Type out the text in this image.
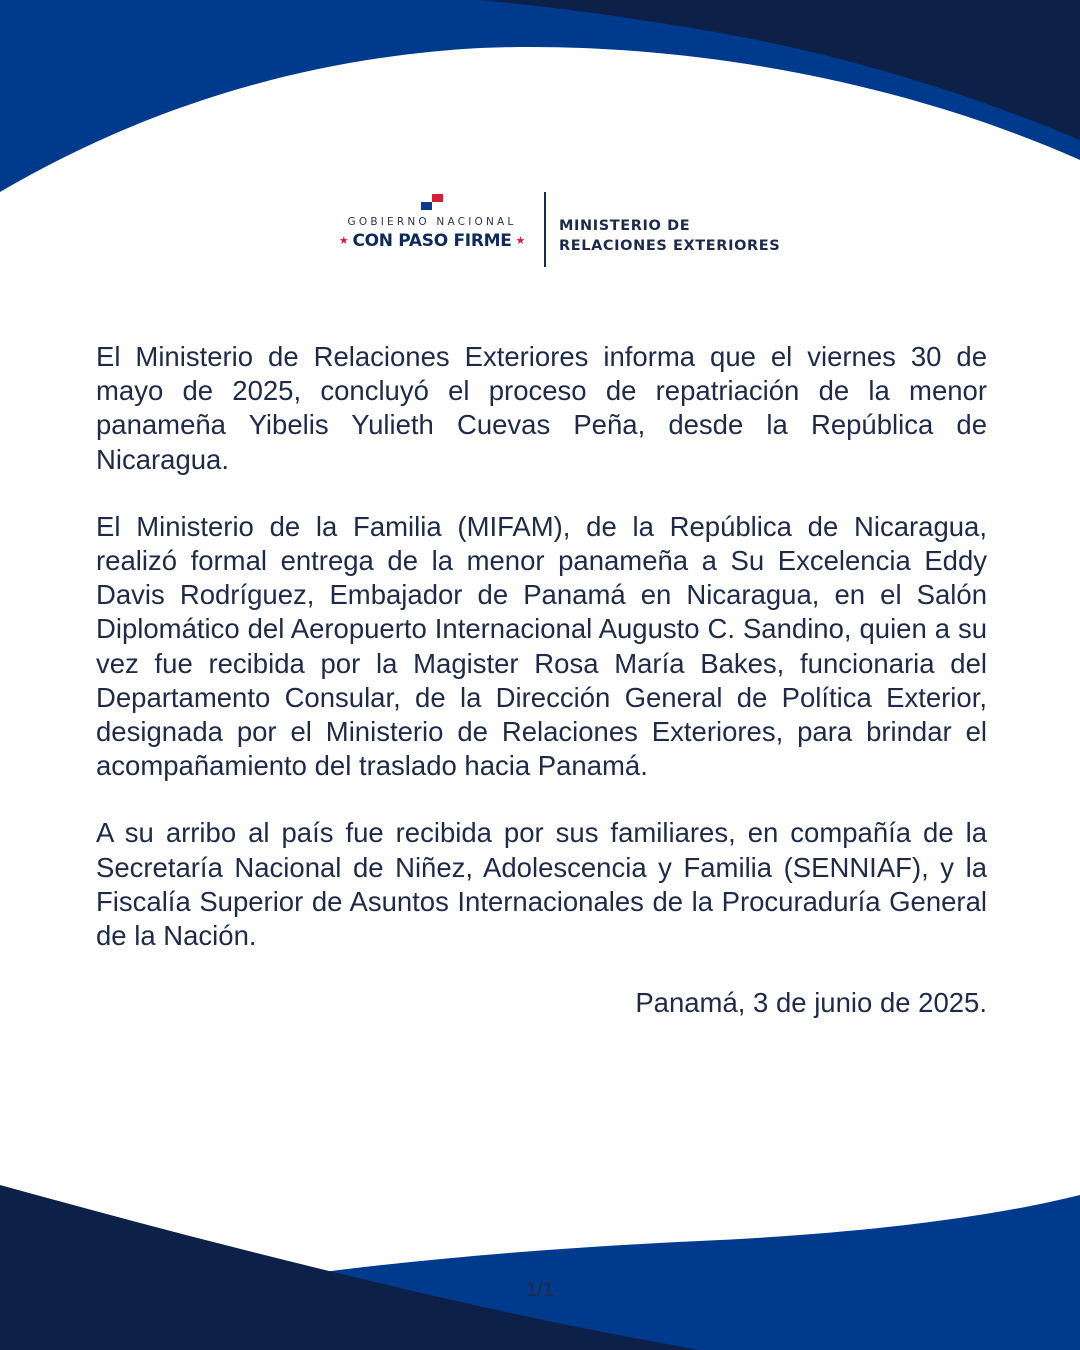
GOBIERNO NACIONAL
★ CON PASO FIRME ★
MINISTERIO DE
RELACIONES EXTERIORES

El Ministerio de Relaciones Exteriores informa que el viernes 30 de mayo de 2025, concluyó el proceso de repatriación de la menor panameña Yibelis Yulieth Cuevas Peña, desde la República de Nicaragua.

El Ministerio de la Familia (MIFAM), de la República de Nicaragua, realizó formal entrega de la menor panameña a Su Excelencia Eddy Davis Rodríguez, Embajador de Panamá en Nicaragua, en el Salón Diplomático del Aeropuerto Internacional Augusto C. Sandino, quien a su vez fue recibida por la Magister Rosa María Bakes, funcionaria del Departamento Consular, de la Dirección General de Política Exterior, designada por el Ministerio de Relaciones Exteriores, para brindar el acompañamiento del traslado hacia Panamá.

A su arribo al país fue recibida por sus familiares, en compañía de la Secretaría Nacional de Niñez, Adolescencia y Familia (SENNIAF), y la Fiscalía Superior de Asuntos Internacionales de la Procuraduría General de la Nación.

Panamá, 3 de junio de 2025.

1/1
